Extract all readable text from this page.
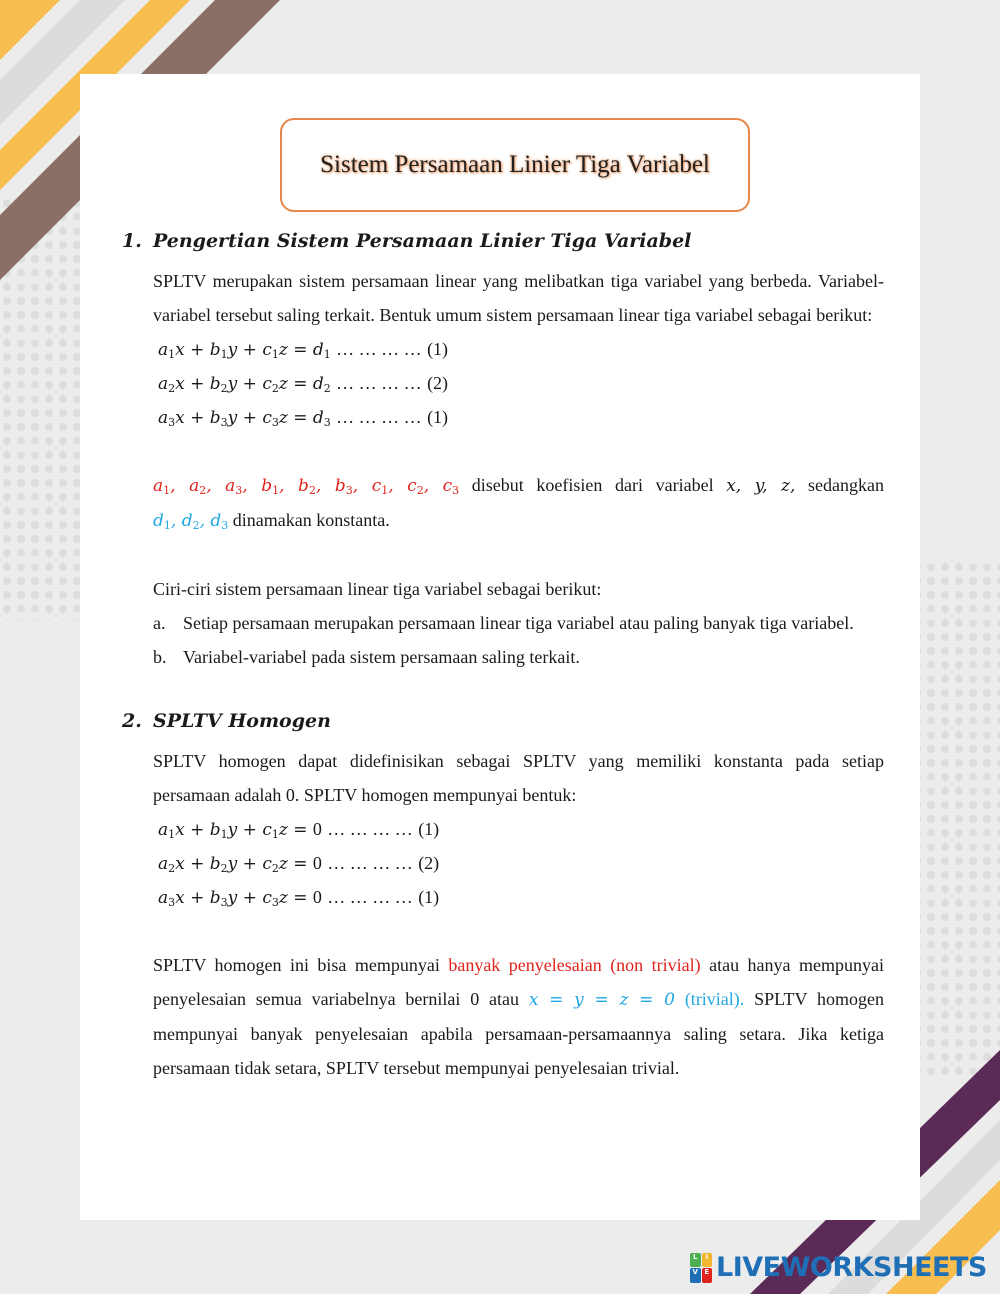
Sistem Persamaan Linier Tiga Variabel
1. Pengertian Sistem Persamaan Linier Tiga Variabel

SPLTV merupakan sistem persamaan linear yang melibatkan tiga variabel yang berbeda. Variabel-variabel tersebut saling terkait. Bentuk umum sistem persamaan linear tiga variabel sebagai berikut:

$a_1x + b_1y + c_1z = d_1$ … … … … (1)
$a_2x + b_2y + c_2z = d_2$ … … … … (2)
$a_3x + b_3y + c_3z = d_3$ … … … … (1)

$a_1$, $a_2$, $a_3$, $b_1$, $b_2$, $b_3$, $c_1$, $c_2$, $c_3$ disebut koefisien dari variabel x, y, z, sedangkan

$d_1$, $d_2$, $d_3$ dinamakan konstanta.

Ciri-ciri sistem persamaan linear tiga variabel sebagai berikut:

a. Setiap persamaan merupakan persamaan linear tiga variabel atau paling banyak tiga variabel.
b. Variabel-variabel pada sistem persamaan saling terkait.
2. SPLTV Homogen

SPLTV homogen dapat didefinisikan sebagai SPLTV yang memiliki konstanta pada setiap persamaan adalah 0. SPLTV homogen mempunyai bentuk:

$a_1x + b_1y + c_1z = 0$ … … … … (1)
$a_2x + b_2y + c_2z = 0$ … … … … (2)
$a_3x + b_3y + c_3z = 0$ … … … … (1)

SPLTV homogen ini bisa mempunyai banyak penyelesaian (non trivial) atau hanya mempunyai penyelesaian semua variabelnya bernilai 0 atau x = y = z = 0 (trivial). SPLTV homogen mempunyai banyak penyelesaian apabila persamaan-persamaannya saling setara. Jika ketiga persamaan tidak setara, SPLTV tersebut mempunyai penyelesaian trivial.

L	I
V E LIVEWORKSHEETS
